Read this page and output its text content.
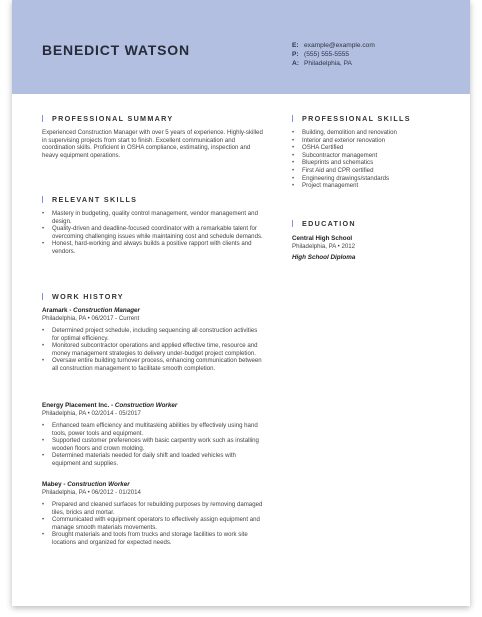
BENEDICT WATSON	E: example@example.com
P: (555) 555-5555
A: Philadelphia, PA
PROFESSIONAL SUMMARY
Experienced Construction Manager with over 5 years of experience. Highly-skilled in supervising projects from start to finish. Excellent communication and coordination skills. Proficient in OSHA compliance, estimating, inspection and heavy equipment operations.
RELEVANT SKILLS
• Mastery in budgeting, quality control management, vendor management and design.
• Quality-driven and deadline-focused coordinator with a remarkable talent for overcoming challenging issues while maintaining cost and schedule demands.
• Honest, hard-working and always builds a positive rapport with clients and vendors.
WORK HISTORY
Aramark - Construction Manager
Philadelphia, PA • 06/2017 - Current
• Determined project schedule, including sequencing all construction activities for optimal efficiency.
• Monitored subcontractor operations and applied effective time, resource and money management strategies to delivery under-budget project completion.
• Oversaw entire building turnover process, enhancing communication between all construction management to facilitate smooth completion.
Energy Placement Inc. - Construction Worker
Philadelphia, PA • 02/2014 - 05/2017
• Enhanced team efficiency and multitasking abilities by effectively using hand tools, power tools and equipment.
• Supported customer preferences with basic carpentry work such as installing wooden floors and crown molding.
• Determined materials needed for daily shift and loaded vehicles with equipment and supplies.
Mabey - Construction Worker
Philadelphia, PA • 06/2012 - 01/2014
• Prepared and cleaned surfaces for rebuilding purposes by removing damaged tiles, bricks and mortar.
• Communicated with equipment operators to effectively assign equipment and manage smooth materials movements.
• Brought materials and tools from trucks and storage facilities to work site locations and organized for expected needs.
PROFESSIONAL SKILLS
• Building, demolition and renovation
• Interior and exterior renovation
• OSHA Certified
• Subcontractor management
• Blueprints and schematics
• First Aid and CPR certified
• Engineering drawings/standards
• Project management
EDUCATION
Central High School
Philadelphia, PA • 2012
High School Diploma
